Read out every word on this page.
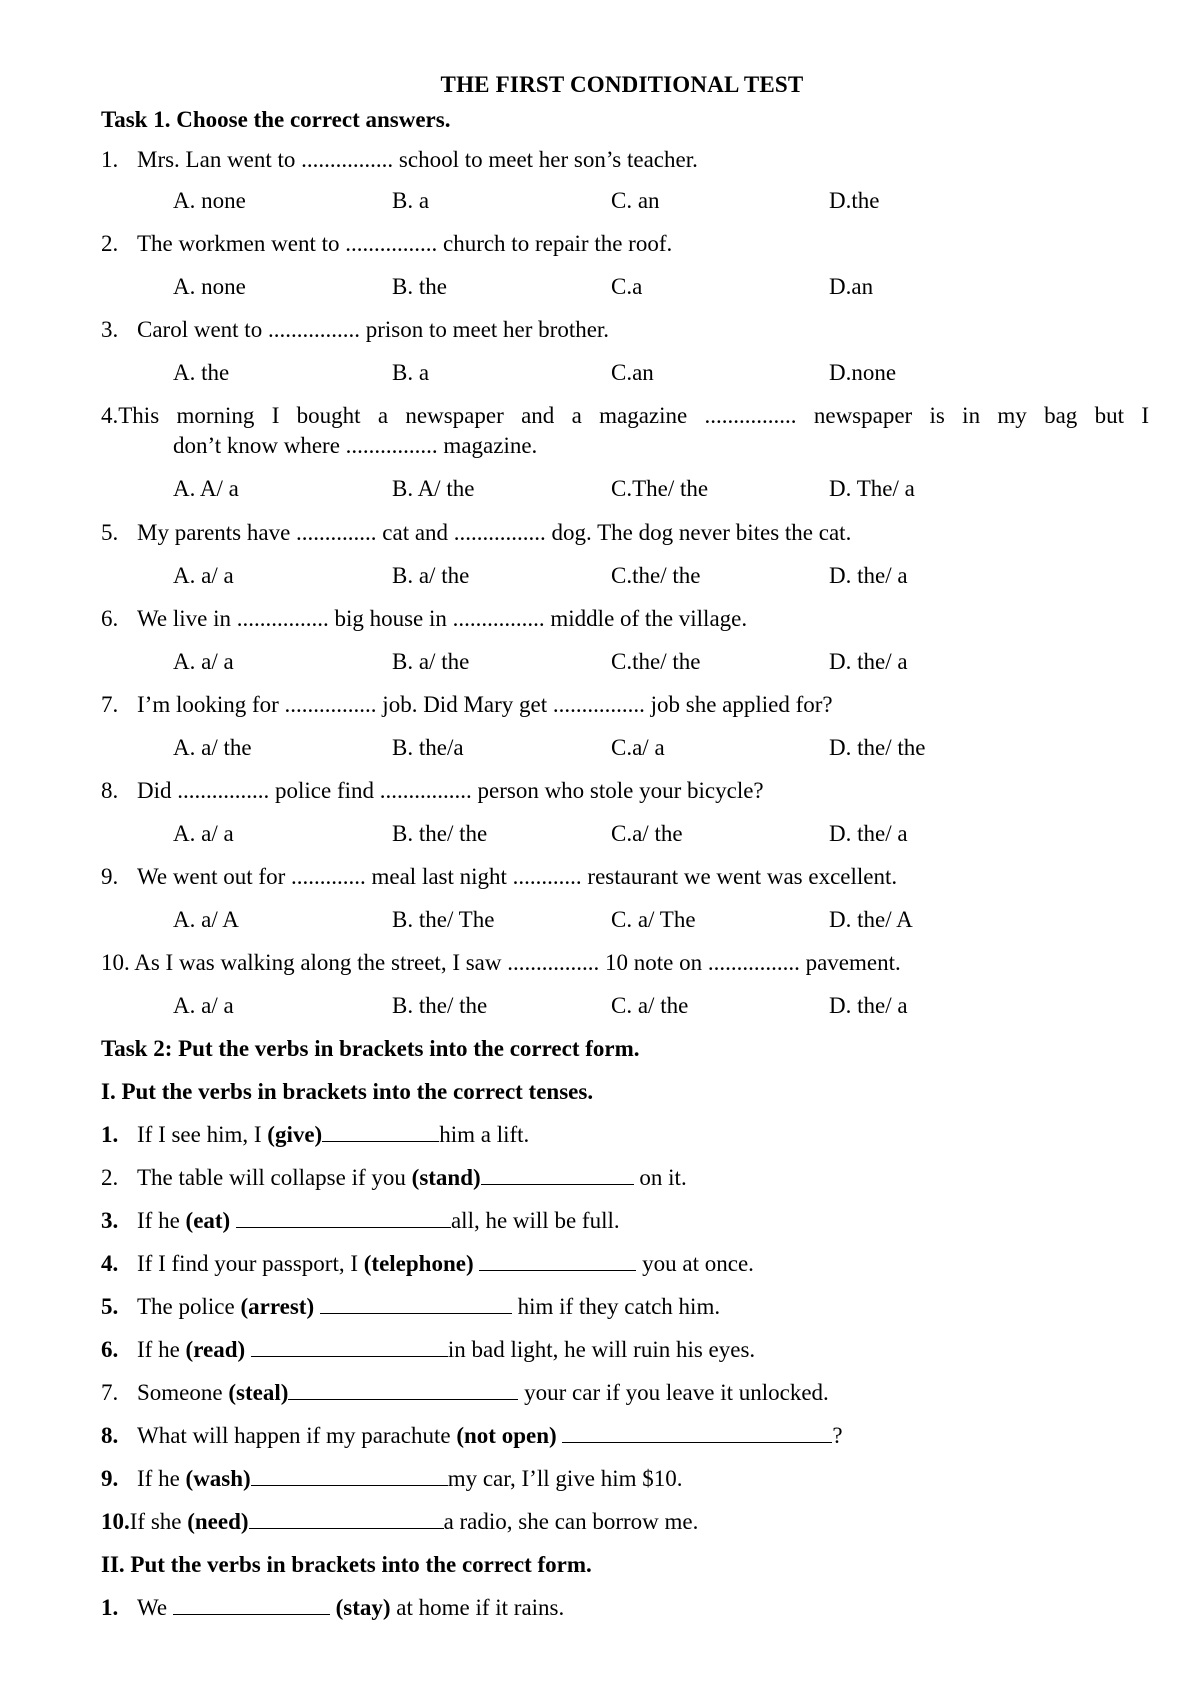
THE FIRST CONDITIONAL TEST
Task 1. Choose the correct answers.
1. Mrs. Lan went to ................ school to meet her son’s teacher.
A. none	B. a	C. an	D.the
2. The workmen went to ................ church to repair the roof.
A. none	B. the	C.a	D.an
3. Carol went to ................ prison to meet her brother.
A. the	B. a	C.an	D.none
4.This morning I bought a newspaper and a magazine ................ newspaper is in my bag but I
don’t know where ................ magazine.
A. A/ a	B. A/ the	C.The/ the	D. The/ a
5. My parents have .............. cat and ................ dog. The dog never bites the cat.
A. a/ a	B. a/ the	C.the/ the	D. the/ a
6. We live in ................ big house in ................ middle of the village.
A. a/ a	B. a/ the	C.the/ the	D. the/ a
7. I’m looking for ................ job. Did Mary get ................ job she applied for?
A. a/ the	B. the/a	C.a/ a	D. the/ the
8. Did ................ police find ................ person who stole your bicycle?
A. a/ a	B. the/ the	C.a/ the	D. the/ a
9. We went out for ............. meal last night ............ restaurant we went was excellent.
A. a/ A	B. the/ The	C. a/ The	D. the/ A
10. As I was walking along the street, I saw ................ 10 note on ................ pavement.
A. a/ a	B. the/ the	C. a/ the	D. the/ a
Task 2: Put the verbs in brackets into the correct form.
I. Put the verbs in brackets into the correct tenses.
1. If I see him, I (give)	him a lift.
2. The table will collapse if you (stand)	on it.
3. If he (eat)	all, he will be full.
4. If I find your passport, I (telephone)	you at once.
5. The police (arrest)	him if they catch him.
6. If he (read)	in bad light, he will ruin his eyes.
7. Someone (steal)	your car if you leave it unlocked.
8. What will happen if my parachute (not open)	?
9. If he (wash)	my car, I’ll give him $10.
10.If she (need)	a radio, she can borrow me.
II. Put the verbs in brackets into the correct form.
1. We	(stay) at home if it rains.
